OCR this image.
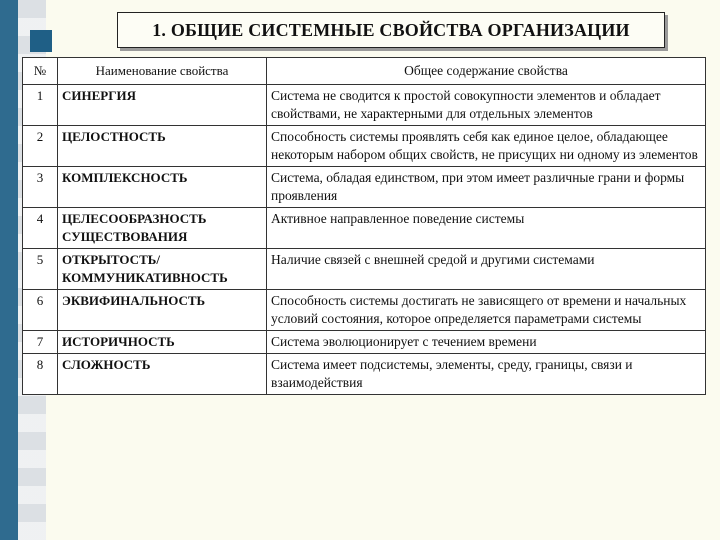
1. ОБЩИЕ СИСТЕМНЫЕ СВОЙСТВА ОРГАНИЗАЦИИ
№	Наименование свойства	Общее содержание свойства
1	СИНЕРГИЯ	Система не сводится к простой совокупности элементов и обладает свойствами, не характерными для отдельных элементов
2	ЦЕЛОСТНОСТЬ	Способность системы проявлять себя как единое целое, обладающее некоторым набором общих свойств, не присущих ни одному из элементов
3	КОМПЛЕКСНОСТЬ	Система, обладая единством, при этом имеет различные грани и формы проявления
4	ЦЕЛЕСООБРАЗНОСТЬ СУЩЕСТВОВАНИЯ	Активное направленное поведение системы
5	ОТКРЫТОСТЬ/ КОММУНИКАТИВНОСТЬ	Наличие связей с внешней средой и другими системами
6	ЭКВИФИНАЛЬНОСТЬ	Способность системы достигать не зависящего от времени и начальных условий состояния, которое определяется параметрами системы
7	ИСТОРИЧНОСТЬ	Система эволюционирует с течением времени
8	СЛОЖНОСТЬ	Система имеет подсистемы, элементы, среду, границы, связи и взаимодействия
